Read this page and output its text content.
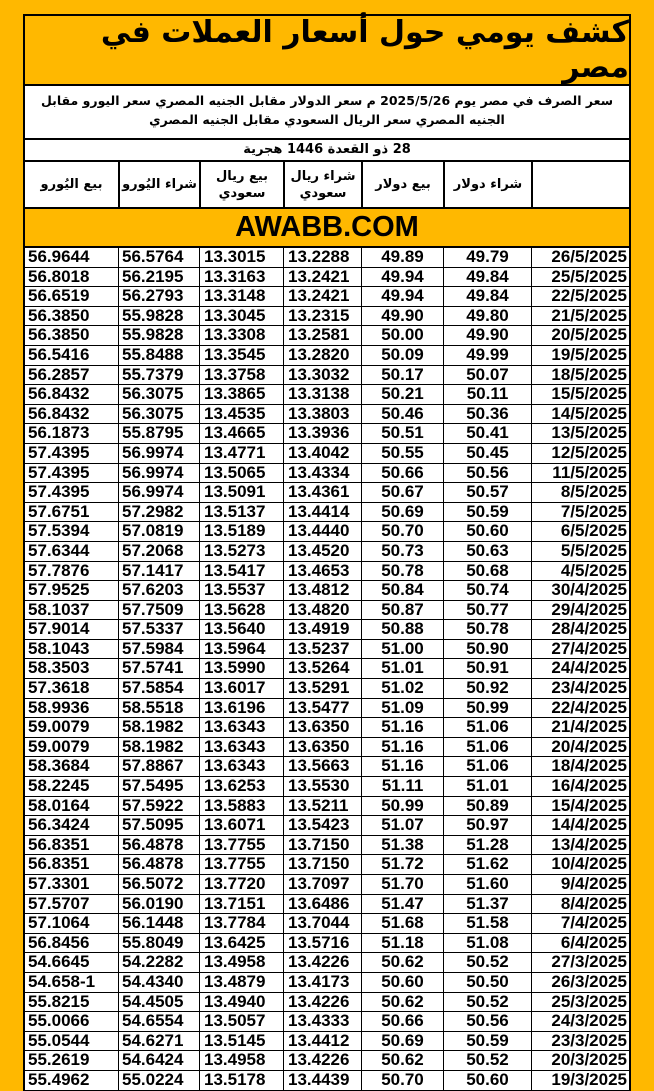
كشف يومي حول أسعار العملات في مصر
سعر الصرف في مصر يوم 2025/5/26 م سعر الدولار مقابل الجنيه المصري سعر اليورو مقابل الجنيه المصري سعر الريال السعودي مقابل الجنيه المصري
28 ذو القعدة 1446 هجرية
شراء دولار
بيع دولار
شراء ريال سعودي
بيع ريال سعودي
شراء اليُورو
بيع اليُورو
AWABB.COM
26/5/2025
49.79
49.89
13.2288
13.3015
56.5764
56.9644
25/5/2025
49.84
49.94
13.2421
13.3163
56.2195
56.8018
22/5/2025
49.84
49.94
13.2421
13.3148
56.2793
56.6519
21/5/2025
49.80
49.90
13.2315
13.3045
55.9828
56.3850
20/5/2025
49.90
50.00
13.2581
13.3308
55.9828
56.3850
19/5/2025
49.99
50.09
13.2820
13.3545
55.8488
56.5416
18/5/2025
50.07
50.17
13.3032
13.3758
55.7379
56.2857
15/5/2025
50.11
50.21
13.3138
13.3865
56.3075
56.8432
14/5/2025
50.36
50.46
13.3803
13.4535
56.3075
56.8432
13/5/2025
50.41
50.51
13.3936
13.4665
55.8795
56.1873
12/5/2025
50.45
50.55
13.4042
13.4771
56.9974
57.4395
11/5/2025
50.56
50.66
13.4334
13.5065
56.9974
57.4395
8/5/2025
50.57
50.67
13.4361
13.5091
56.9974
57.4395
7/5/2025
50.59
50.69
13.4414
13.5137
57.2982
57.6751
6/5/2025
50.60
50.70
13.4440
13.5189
57.0819
57.5394
5/5/2025
50.63
50.73
13.4520
13.5273
57.2068
57.6344
4/5/2025
50.68
50.78
13.4653
13.5417
57.1417
57.7876
30/4/2025
50.74
50.84
13.4812
13.5537
57.6203
57.9525
29/4/2025
50.77
50.87
13.4820
13.5628
57.7509
58.1037
28/4/2025
50.78
50.88
13.4919
13.5640
57.5337
57.9014
27/4/2025
50.90
51.00
13.5237
13.5964
57.5984
58.1043
24/4/2025
50.91
51.01
13.5264
13.5990
57.5741
58.3503
23/4/2025
50.92
51.02
13.5291
13.6017
57.5854
57.3618
22/4/2025
50.99
51.09
13.5477
13.6196
58.5518
58.9936
21/4/2025
51.06
51.16
13.6350
13.6343
58.1982
59.0079
20/4/2025
51.06
51.16
13.6350
13.6343
58.1982
59.0079
18/4/2025
51.06
51.16
13.5663
13.6343
57.8867
58.3684
16/4/2025
51.01
51.11
13.5530
13.6253
57.5495
58.2245
15/4/2025
50.89
50.99
13.5211
13.5883
57.5922
58.0164
14/4/2025
50.97
51.07
13.5423
13.6071
57.5095
56.3424
13/4/2025
51.28
51.38
13.7150
13.7755
56.4878
56.8351
10/4/2025
51.62
51.72
13.7150
13.7755
56.4878
56.8351
9/4/2025
51.60
51.70
13.7097
13.7720
56.5072
57.3301
8/4/2025
51.37
51.47
13.6486
13.7151
56.0190
57.5707
7/4/2025
51.58
51.68
13.7044
13.7784
56.1448
57.1064
6/4/2025
51.08
51.18
13.5716
13.6425
55.8049
56.8456
27/3/2025
50.52
50.62
13.4226
13.4958
54.2282
54.6645
26/3/2025
50.50
50.60
13.4173
13.4879
54.4340
54.658-1
25/3/2025
50.52
50.62
13.4226
13.4940
54.4505
55.8215
24/3/2025
50.56
50.66
13.4333
13.5057
54.6554
55.0066
23/3/2025
50.59
50.69
13.4412
13.5145
54.6271
55.0544
20/3/2025
50.52
50.62
13.4226
13.4958
54.6424
55.2619
19/3/2025
50.60
50.70
13.4439
13.5178
55.0224
55.4962
